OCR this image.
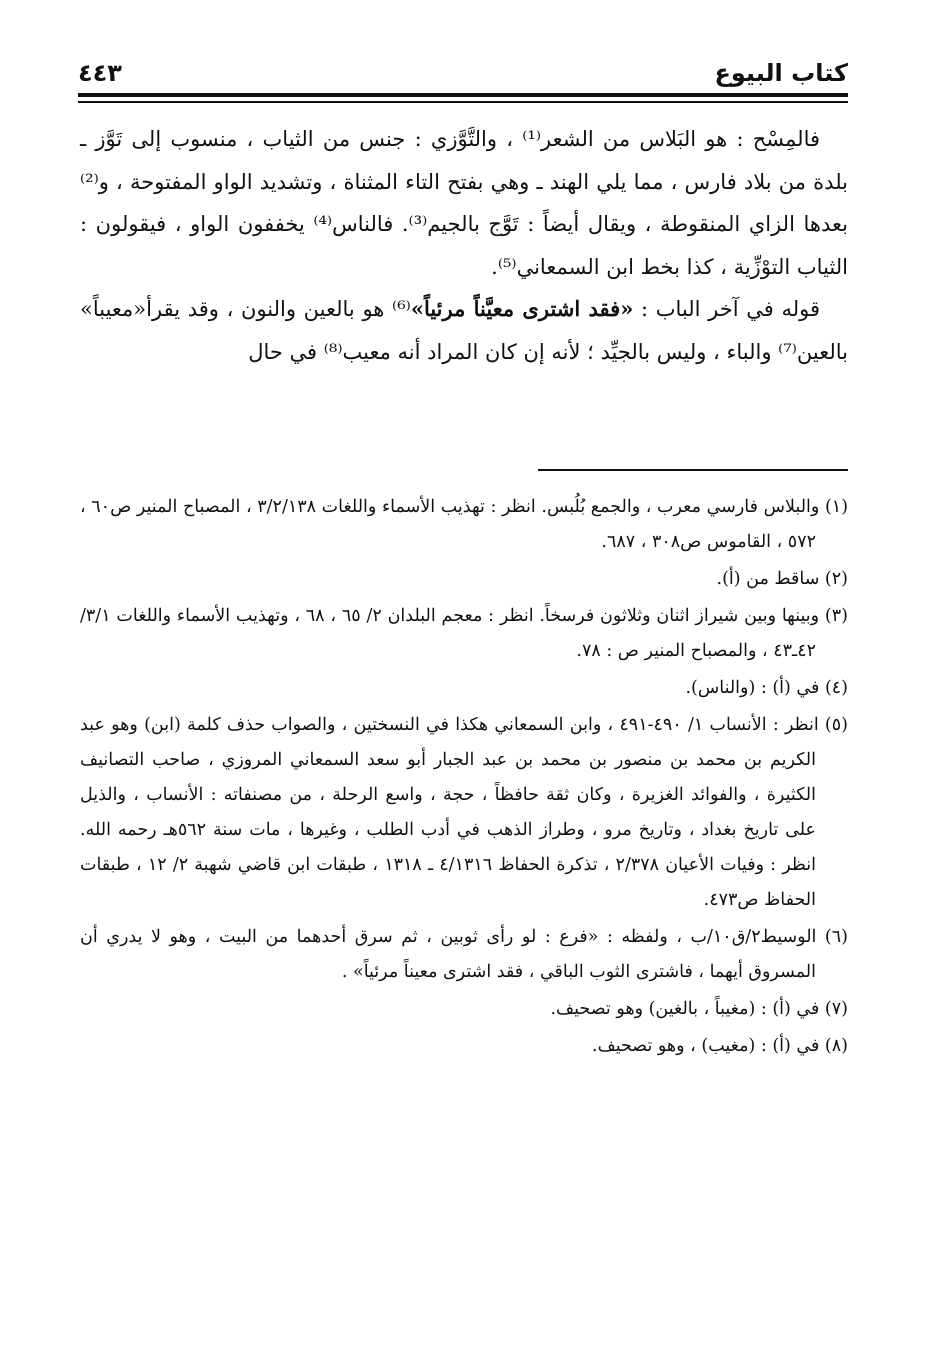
كتاب البيوع
٤٤٣

فالمِسْح : هو البَلاس من الشعر⁽¹⁾ ، والتَّوَّزي : جنس من الثياب ، منسوب إلى تَوَّز ـ بلدة من بلاد فارس ، مما يلي الهند ـ وهي بفتح التاء المثناة ، وتشديد الواو المفتوحة ، و⁽²⁾ بعدها الزاي المنقوطة ، ويقال أيضاً : تَوَّج بالجيم⁽³⁾. فالناس⁽⁴⁾ يخففون الواو ، فيقولون : الثياب التوْزِّية ، كذا بخط ابن السمعاني⁽⁵⁾.

قوله في آخر الباب : «فقد اشترى معيَّناً مرئياً»⁽⁶⁾ هو بالعين والنون ، وقد يقرأ«معيباً» بالعين⁽⁷⁾ والباء ، وليس بالجيِّد ؛ لأنه إن كان المراد أنه معيب⁽⁸⁾ في حال

(١) والبلاس فارسي معرب ، والجمع بُلُبس. انظر : تهذيب الأسماء واللغات ٣/٢/١٣٨ ، المصباح المنير ص٦٠ ، ٥٧٢ ، القاموس ص٣٠٨ ، ٦٨٧.

(٢) ساقط من (أ).

(٣) وبينها وبين شيراز اثنان وثلاثون فرسخاً. انظر : معجم البلدان ٢/ ٦٥ ، ٦٨ ، وتهذيب الأسماء واللغات ٣/١/ ٤٢ـ٤٣ ، والمصباح المنير ص : ٧٨.

(٤) في (أ) : (والناس).

(٥) انظر : الأنساب ١/ ٤٩٠-٤٩١ ، وابن السمعاني هكذا في النسختين ، والصواب حذف كلمة (ابن) وهو عبد الكريم بن محمد بن منصور بن محمد بن عبد الجبار أبو سعد السمعاني المروزي ، صاحب التصانيف الكثيرة ، والفوائد الغزيرة ، وكان ثقة حافظاً ، حجة ، واسع الرحلة ، من مصنفاته : الأنساب ، والذيل على تاريخ بغداد ، وتاريخ مرو ، وطراز الذهب في أدب الطلب ، وغيرها ، مات سنة ٥٦٢هـ رحمه الله. انظر : وفيات الأعيان ٢/٣٧٨ ، تذكرة الحفاظ ٤/١٣١٦ ـ ١٣١٨ ، طبقات ابن قاضي شهبة ٢/ ١٢ ، طبقات الحفاظ ص٤٧٣.

(٦) الوسيط٢/ق١٠/ب ، ولفظه : «فرع : لو رأى ثوبين ، ثم سرق أحدهما من البيت ، وهو لا يدري أن المسروق أيهما ، فاشترى الثوب الباقي ، فقد اشترى معيناً مرئياً» .

(٧) في (أ) : (مغيباً ، بالغين) وهو تصحيف.

(٨) في (أ) : (مغيب) ، وهو تصحيف.
